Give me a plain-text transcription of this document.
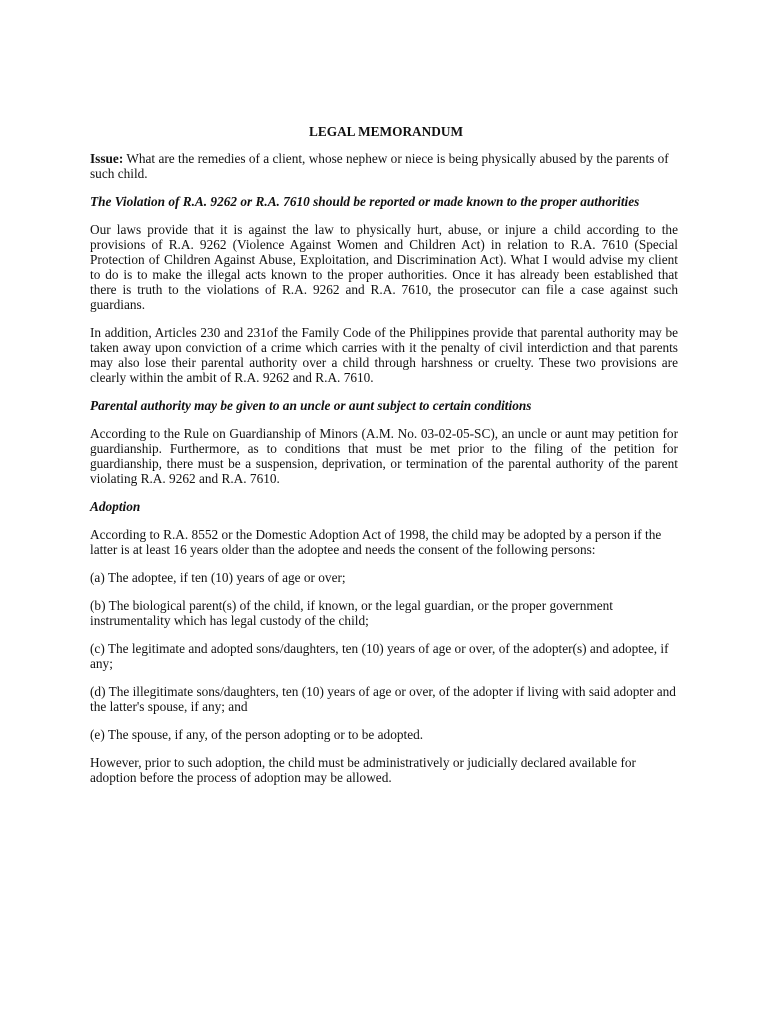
LEGAL MEMORANDUM

Issue: What are the remedies of a client, whose nephew or niece is being physically abused by the parents of such child.

The Violation of R.A. 9262 or R.A. 7610 should be reported or made known to the proper authorities

Our laws provide that it is against the law to physically hurt, abuse, or injure a child according to the provisions of R.A. 9262 (Violence Against Women and Children Act) in relation to R.A. 7610 (Special Protection of Children Against Abuse, Exploitation, and Discrimination Act). What I would advise my client to do is to make the illegal acts known to the proper authorities. Once it has already been established that there is truth to the violations of R.A. 9262 and R.A. 7610, the prosecutor can file a case against such guardians.

In addition, Articles 230 and 231of the Family Code of the Philippines provide that parental authority may be taken away upon conviction of a crime which carries with it the penalty of civil interdiction and that parents may also lose their parental authority over a child through harshness or cruelty. These two provisions are clearly within the ambit of R.A. 9262 and R.A. 7610.

Parental authority may be given to an uncle or aunt subject to certain conditions

According to the Rule on Guardianship of Minors (A.M. No. 03-02-05-SC), an uncle or aunt may petition for guardianship. Furthermore, as to conditions that must be met prior to the filing of the petition for guardianship, there must be a suspension, deprivation, or termination of the parental authority of the parent violating R.A. 9262 and R.A. 7610.

Adoption

According to R.A. 8552 or the Domestic Adoption Act of 1998, the child may be adopted by a person if the latter is at least 16 years older than the adoptee and needs the consent of the following persons:

(a) The adoptee, if ten (10) years of age or over;

(b) The biological parent(s) of the child, if known, or the legal guardian, or the proper government instrumentality which has legal custody of the child;

(c) The legitimate and adopted sons/daughters, ten (10) years of age or over, of the adopter(s) and adoptee, if any;

(d) The illegitimate sons/daughters, ten (10) years of age or over, of the adopter if living with said adopter and the latter's spouse, if any; and

(e) The spouse, if any, of the person adopting or to be adopted.

However, prior to such adoption, the child must be administratively or judicially declared available for adoption before the process of adoption may be allowed.
